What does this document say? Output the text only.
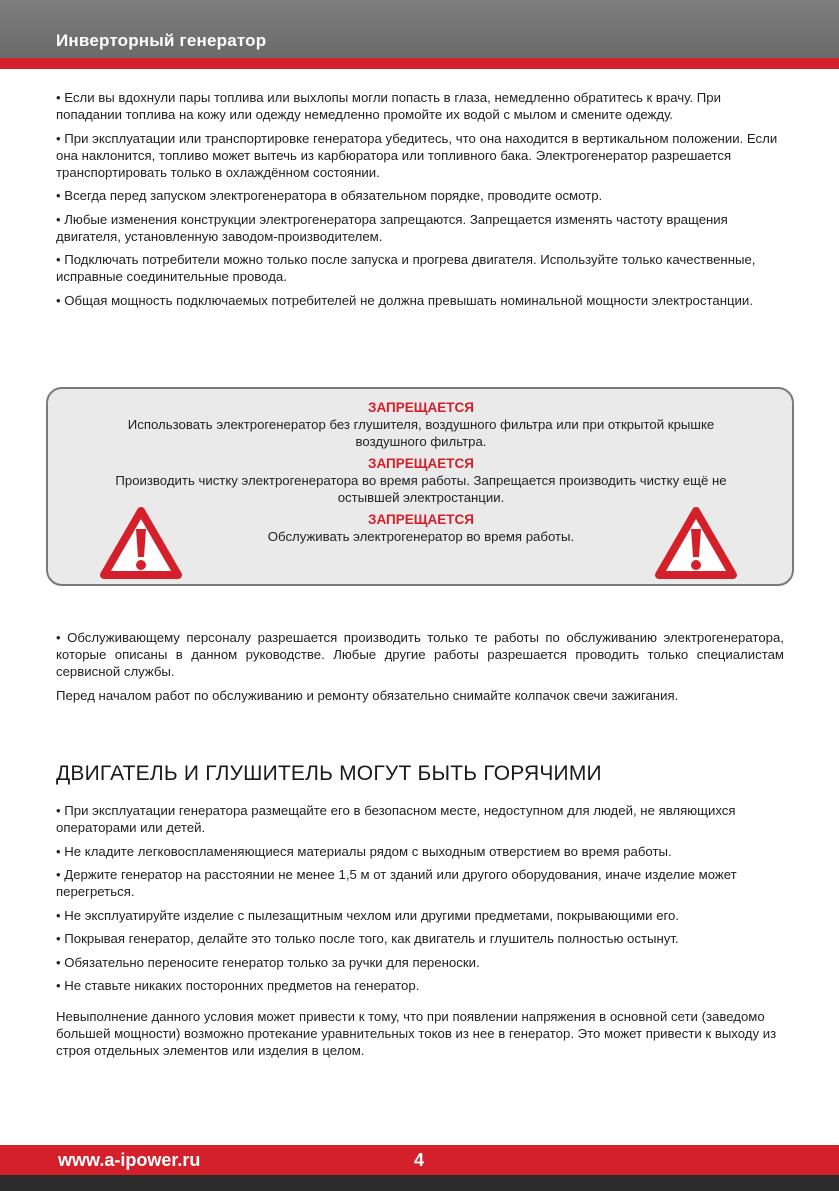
Инверторный генератор

• Если вы вдохнули пары топлива или выхлопы могли попасть в глаза, немедленно обратитесь к врачу. При попадании топлива на кожу или одежду немедленно промойте их водой с мылом и смените одежду.

• При эксплуатации или транспортировке генератора убедитесь, что она находится в вертикальном положении. Если она наклонится, топливо может вытечь из карбюратора или топливного бака. Электрогенератор разрешается транспортировать только в охлаждённом состоянии.

• Всегда перед запуском электрогенератора в обязательном порядке, проводите осмотр.

• Любые изменения конструкции электрогенератора запрещаются. Запрещается изменять частоту вращения двигателя, установленную заводом-производителем.

• Подключать потребители можно только после запуска и прогрева двигателя. Используйте только качественные, исправные соединительные провода.

• Общая мощность подключаемых потребителей не должна превышать номинальной мощности электростанции.

ЗАПРЕЩАЕТСЯ

Использовать электрогенератор без глушителя, воздушного фильтра или при открытой крышке воздушного фильтра.

ЗАПРЕЩАЕТСЯ

Производить чистку электрогенератора во время работы. Запрещается производить чистку ещё не остывшей электростанции.

ЗАПРЕЩАЕТСЯ

Обслуживать электрогенератор во время работы.

• Обслуживающему персоналу разрешается производить только те работы по обслуживанию электрогенератора, которые описаны в данном руководстве. Любые другие работы разрешается проводить только специалистам сервисной службы.

Перед началом работ по обслуживанию и ремонту обязательно снимайте колпачок свечи зажигания.

ДВИГАТЕЛЬ И ГЛУШИТЕЛЬ МОГУТ БЫТЬ ГОРЯЧИМИ

• При эксплуатации генератора размещайте его в безопасном месте, недоступном для людей, не являющихся операторами или детей.

• Не кладите легковоспламеняющиеся материалы рядом с выходным отверстием во время работы.

• Держите генератор на расстоянии не менее 1,5 м от зданий или другого оборудования, иначе изделие может перегреться.

• Не эксплуатируйте изделие с пылезащитным чехлом или другими предметами, покрывающими его.

• Покрывая генератор, делайте это только после того, как двигатель и глушитель полностью остынут.

• Обязательно переносите генератор только за ручки для переноски.

• Не ставьте никаких посторонних предметов на генератор.

Невыполнение данного условия может привести к тому, что при появлении напряжения в основной сети (заведомо большей мощности) возможно протекание уравнительных токов из нее в генератор. Это может привести к выходу из строя отдельных элементов или изделия в целом.

www.a-ipower.ru	4
